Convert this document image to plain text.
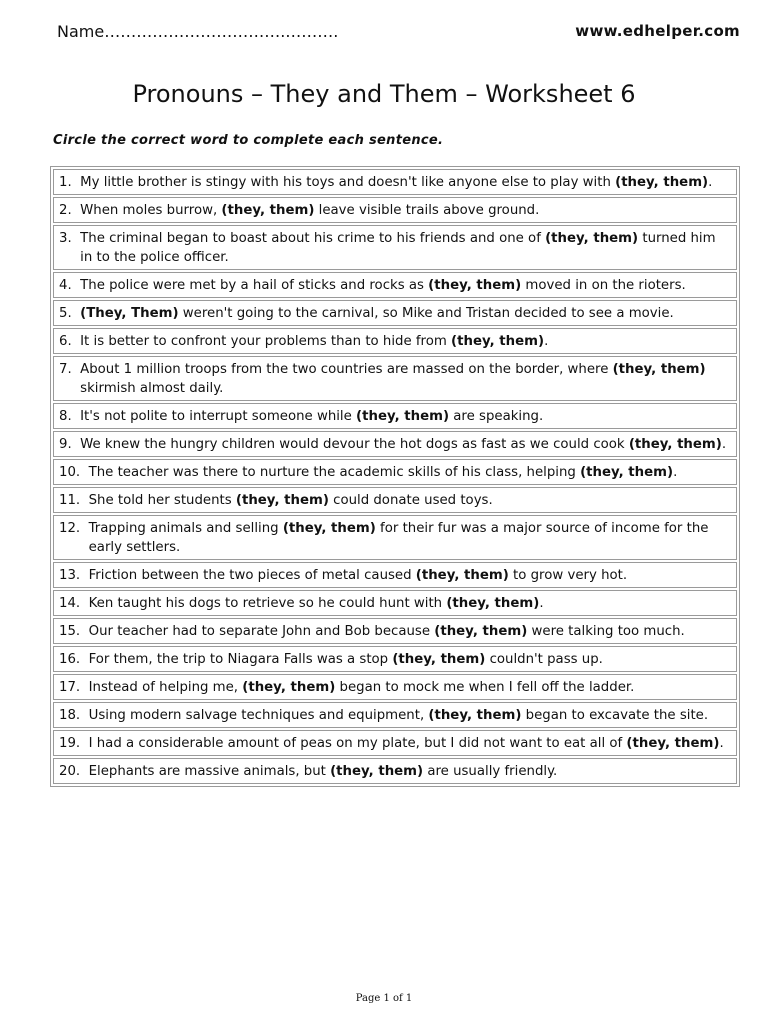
Name…………………………….……….	www.edhelper.com
Pronouns – They and Them – Worksheet 6
Circle the correct word to complete each sentence.
1. My little brother is stingy with his toys and doesn't like anyone else to play with (they, them).
2. When moles burrow, (they, them) leave visible trails above ground.
3. The criminal began to boast about his crime to his friends and one of (they, them) turned him in to the police officer.
4. The police were met by a hail of sticks and rocks as (they, them) moved in on the rioters.
5. (They, Them) weren't going to the carnival, so Mike and Tristan decided to see a movie.
6. It is better to confront your problems than to hide from (they, them).
7. About 1 million troops from the two countries are massed on the border, where (they, them) skirmish almost daily.
8. It's not polite to interrupt someone while (they, them) are speaking.
9. We knew the hungry children would devour the hot dogs as fast as we could cook (they, them).
10. The teacher was there to nurture the academic skills of his class, helping (they, them).
11. She told her students (they, them) could donate used toys.
12. Trapping animals and selling (they, them) for their fur was a major source of income for the early settlers.
13. Friction between the two pieces of metal caused (they, them) to grow very hot.
14. Ken taught his dogs to retrieve so he could hunt with (they, them).
15. Our teacher had to separate John and Bob because (they, them) were talking too much.
16. For them, the trip to Niagara Falls was a stop (they, them) couldn't pass up.
17. Instead of helping me, (they, them) began to mock me when I fell off the ladder.
18. Using modern salvage techniques and equipment, (they, them) began to excavate the site.
19. I had a considerable amount of peas on my plate, but I did not want to eat all of (they, them).
20. Elephants are massive animals, but (they, them) are usually friendly.
Page 1 of 1
